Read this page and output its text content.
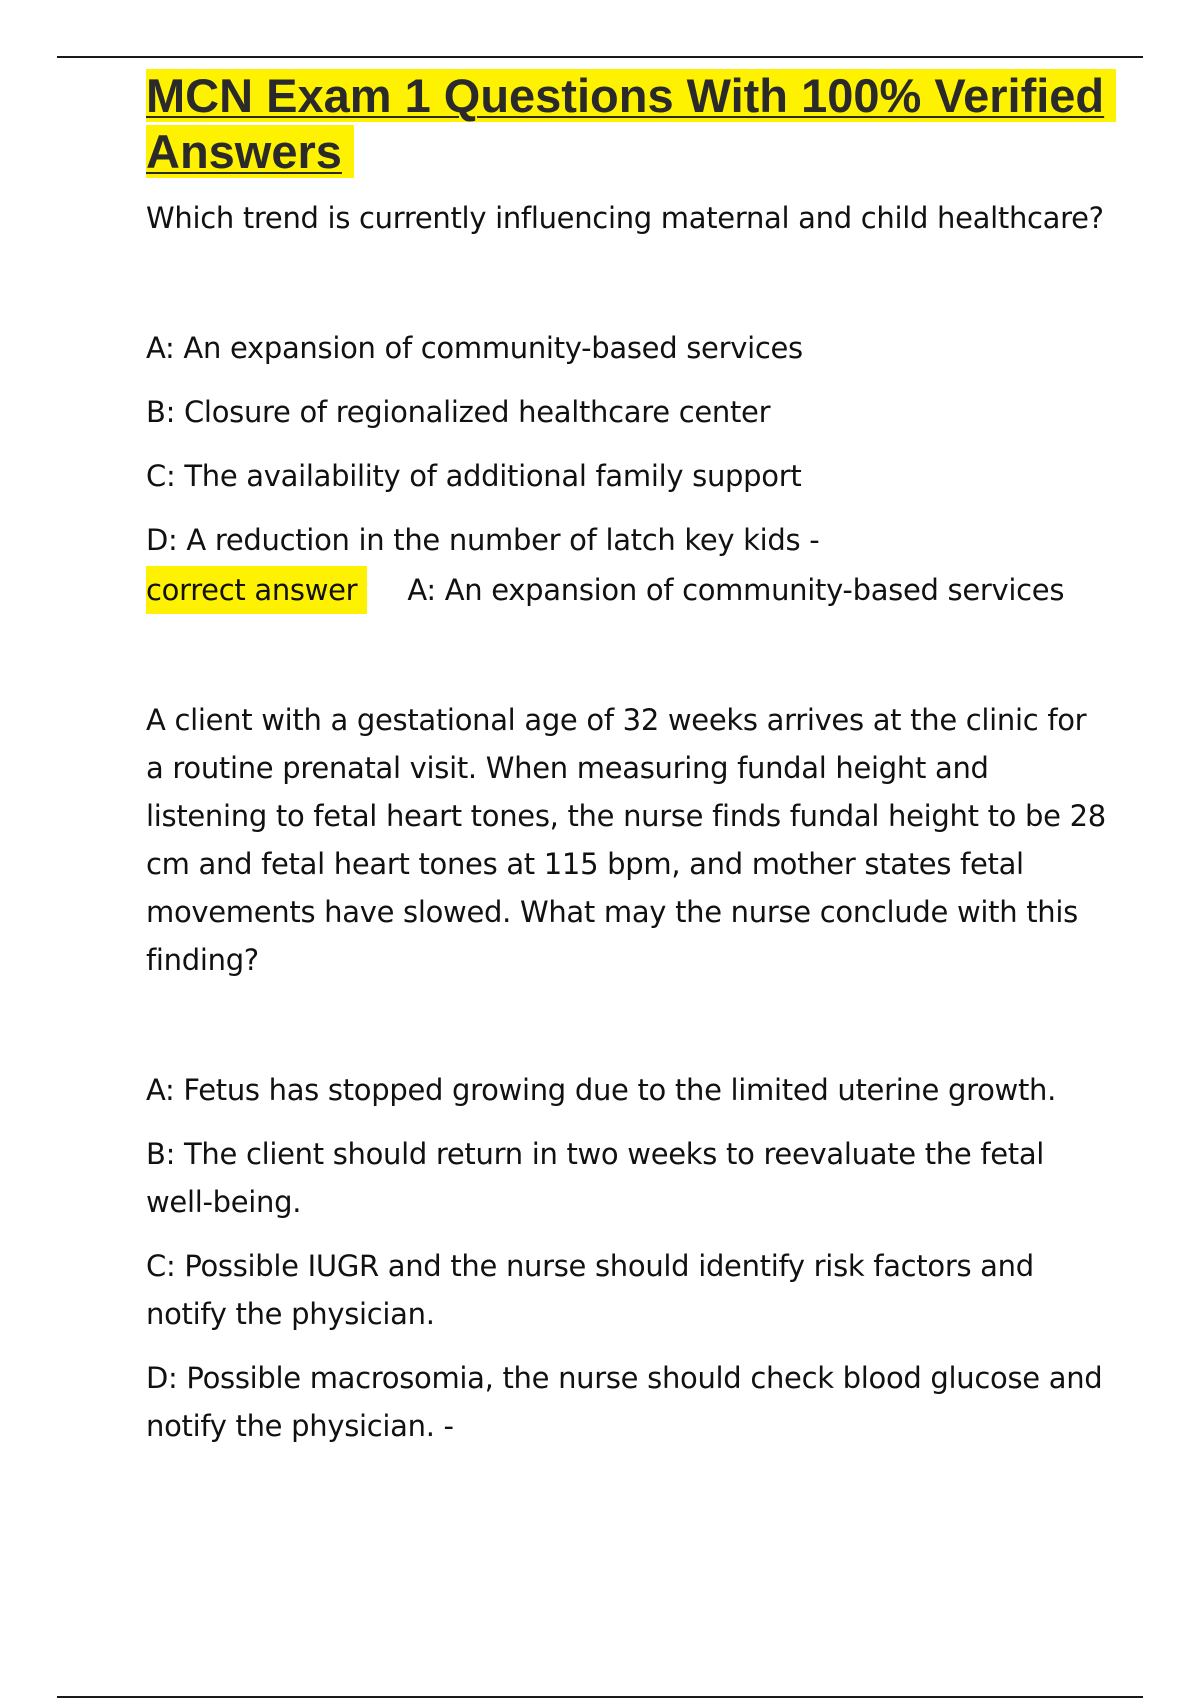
MCN Exam 1 Questions With 100% Verified Answers

Which trend is currently influencing maternal and child healthcare?

A: An expansion of community-based services

B: Closure of regionalized healthcare center

C: The availability of additional family support

D: A reduction in the number of latch key kids -

correct answer	A: An expansion of community-based services

A client with a gestational age of 32 weeks arrives at the clinic for a routine prenatal visit. When measuring fundal height and listening to fetal heart tones, the nurse finds fundal height to be 28 cm and fetal heart tones at 115 bpm, and mother states fetal movements have slowed. What may the nurse conclude with this finding?

A: Fetus has stopped growing due to the limited uterine growth.

B: The client should return in two weeks to reevaluate the fetal well-being.

C: Possible IUGR and the nurse should identify risk factors and notify the physician.

D: Possible macrosomia, the nurse should check blood glucose and notify the physician. -
